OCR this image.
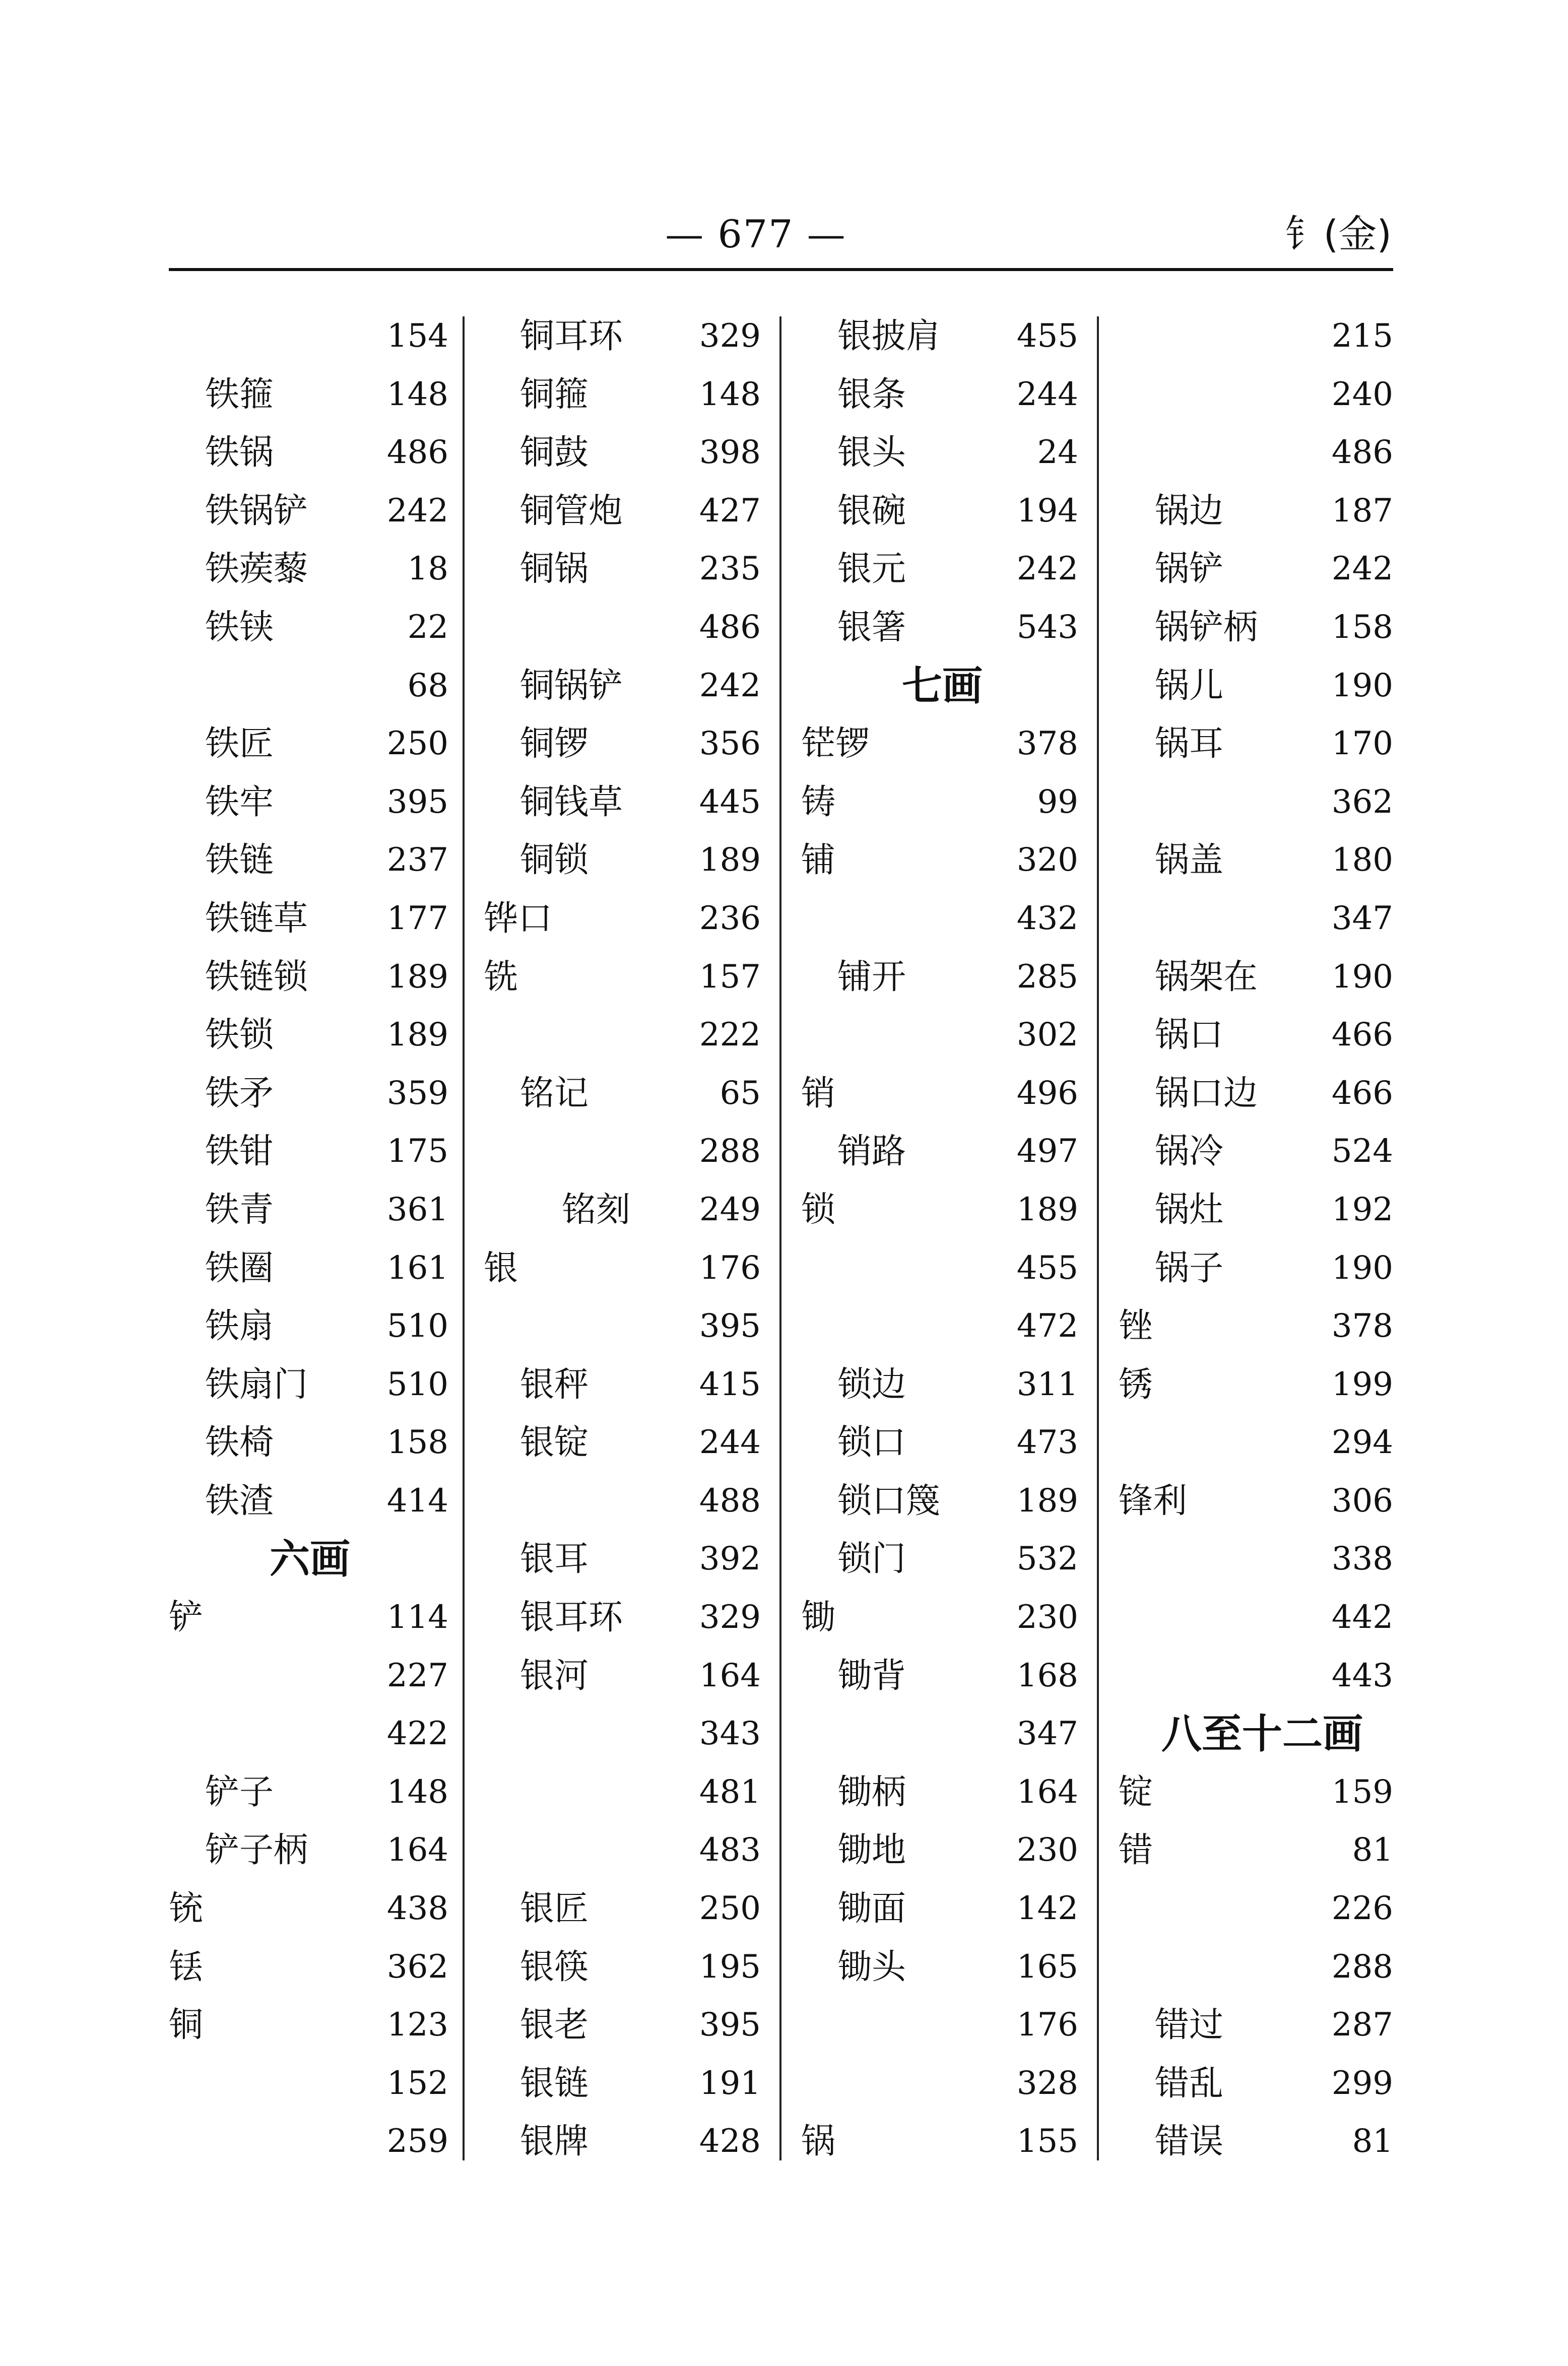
— 677 —	钅(金)
154
铁箍	148
铁锅	486
铁锅铲 242
铁蒺藜	18
铁铗	22
68
铁匠	250
铁牢	395
铁链	237
铁链草 177
铁链锁 189
铁锁	189
铁矛	359
铁钳	175
铁青	361
铁圈	161
铁扇	510
铁扇门 510
铁椅	158
铁渣	414
六画
铲	114
227
422
铲子	148
铲子柄 164
铳	438
铥	362
铜	123
152
259
铜耳环 329
铜箍	148
铜鼓	398
铜管炮 427
铜锅	235
486
铜锅铲 242
铜锣	356
铜钱草 445
铜锁	189
铧口	236
铣	157
222
铭记	65
288
铭刻 249
银	176
395
银秤	415
银锭	244
488
银耳	392
银耳环 329
银河	164
343
481
483
银匠	250
银筷	195
银老	395
银链	191
银牌	428
银披肩 455
银条	244
银头	24
银碗	194
银元	242
银箸	543
七画
铓锣	378
铸	99
铺	320
432
铺开	285
302
销	496
销路	497
锁	189
455
472
锁边	311
锁口	473
锁口篾 189
锁门	532
锄	230
锄背	168
347
锄柄	164
锄地	230
锄面	142
锄头	165
176
328
锅	155
215
240
486
锅边	187
锅铲	242
锅铲柄 158
锅儿	190
锅耳	170
362
锅盖	180
347
锅架在 190
锅口	466
锅口边 466
锅冷	524
锅灶	192
锅子	190
锉	378
锈	199
294
锋利	306
338
442
443
八至十二画
锭	159
错	81
226
288
错过	287
错乱	299
错误	81
